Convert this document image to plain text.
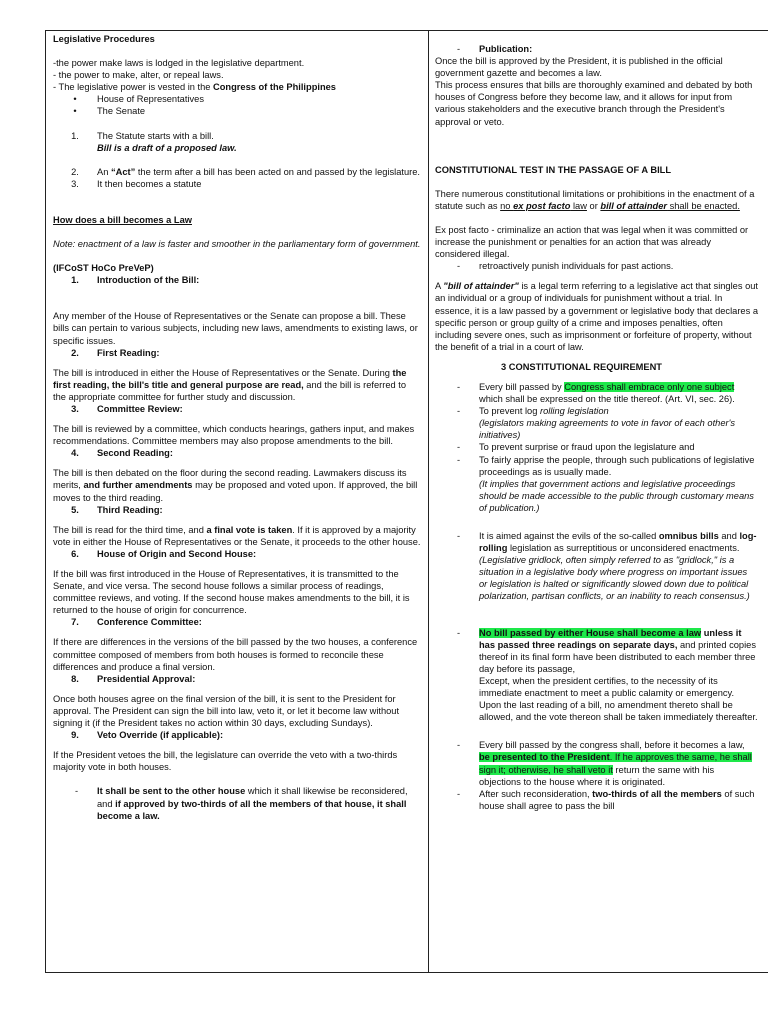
Legislative Procedures

-the power make laws is lodged in the legislative department.

- the power to make, alter, or repeal laws.

- The legislative power is vested in the Congress of the Philippines

•	House of Representatives
•	The Senate
1.	The Statute starts with a bill.
Bill is a draft of a proposed law.
2.	An “Act” the term after a bill has been acted on and passed by the legislature.
3.	It then becomes a statute

How does a bill becomes a Law

Note: enactment of a law is faster and smoother in the parliamentary form of government.

(IFCoST HoCo PreVeP)

1.	Introduction of the Bill:

Any member of the House of Representatives or the Senate can propose a bill. These bills can pertain to various subjects, including new laws, amendments to existing laws, or specific issues.

2.	First Reading:

The bill is introduced in either the House of Representatives or the Senate. During the first reading, the bill's title and general purpose are read, and the bill is referred to the appropriate committee for further study and discussion.

3.	Committee Review:

The bill is reviewed by a committee, which conducts hearings, gathers input, and makes recommendations. Committee members may also propose amendments to the bill.

4.	Second Reading:

The bill is then debated on the floor during the second reading. Lawmakers discuss its merits, and further amendments may be proposed and voted upon. If approved, the bill moves to the third reading.

5.	Third Reading:

The bill is read for the third time, and a final vote is taken. If it is approved by a majority vote in either the House of Representatives or the Senate, it proceeds to the other house.

6.	House of Origin and Second House:

If the bill was first introduced in the House of Representatives, it is transmitted to the Senate, and vice versa. The second house follows a similar process of readings, committee reviews, and voting. If the second house makes amendments to the bill, it is returned to the house of origin for concurrence.

7.	Conference Committee:

If there are differences in the versions of the bill passed by the two houses, a conference committee composed of members from both houses is formed to reconcile these differences and produce a final version.

8.	Presidential Approval:

Once both houses agree on the final version of the bill, it is sent to the President for approval. The President can sign the bill into law, veto it, or let it become law without signing it (if the President takes no action within 30 days, excluding Sundays).

9.	Veto Override (if applicable):

If the President vetoes the bill, the legislature can override the veto with a two-thirds majority vote in both houses.

-	It shall be sent to the other house which it shall likewise be reconsidered, and if approved by two-thirds of all the members of that house, it shall become a law.
-	Publication:

Once the bill is approved by the President, it is published in the official government gazette and becomes a law.

This process ensures that bills are thoroughly examined and debated by both houses of Congress before they become law, and it allows for input from various stakeholders and the executive branch through the President's approval or veto.

CONSTITUTIONAL TEST IN THE PASSAGE OF A BILL

There numerous constitutional limitations or prohibitions in the enactment of a statute such as no ex post facto law or bill of attainder shall be enacted.

Ex post facto - criminalize an action that was legal when it was committed or increase the punishment or penalties for an action that was already considered illegal.

-	retroactively punish individuals for past actions.

A "bill of attainder" is a legal term referring to a legislative act that singles out an individual or a group of individuals for punishment without a trial. In essence, it is a law passed by a government or legislative body that declares a specific person or group guilty of a crime and imposes penalties, often including severe ones, such as imprisonment or forfeiture of property, without the benefit of a trial in a court of law.

3 CONSTITUTIONAL REQUIREMENT

-	Every bill passed by Congress shall embrace only one subject which shall be expressed on the title thereof. (Art. VI, sec. 26).
-	To prevent log rolling legislation
(legislators making agreements to vote in favor of each other's initiatives)
-	To prevent surprise or fraud upon the legislature and
-	To fairly apprise the people, through such publications of legislative proceedings as is usually made.
(It implies that government actions and legislative proceedings should be made accessible to the public through customary means of publication.)
-	It is aimed against the evils of the so-called omnibus bills and log-rolling legislation as surreptitious or unconsidered enactments.
(Legislative gridlock, often simply referred to as "gridlock," is a situation in a legislative body where progress on important issues or legislation is halted or significantly slowed down due to political polarization, partisan conflicts, or an inability to reach consensus.)
-	No bill passed by either House shall become a law unless it has passed three readings on separate days, and printed copies thereof in its final form have been distributed to each member three day before its passage,
Except, when the president certifies, to the necessity of its immediate enactment to meet a public calamity or emergency.
Upon the last reading of a bill, no amendment thereto shall be allowed, and the vote thereon shall be taken immediately thereafter.
-	Every bill passed by the congress shall, before it becomes a law, be presented to the President. If he approves the same, he shall sign it; otherwise, he shall veto it return the same with his objections to the house where it is originated.
-	After such reconsideration, two-thirds of all the members of such house shall agree to pass the bill
